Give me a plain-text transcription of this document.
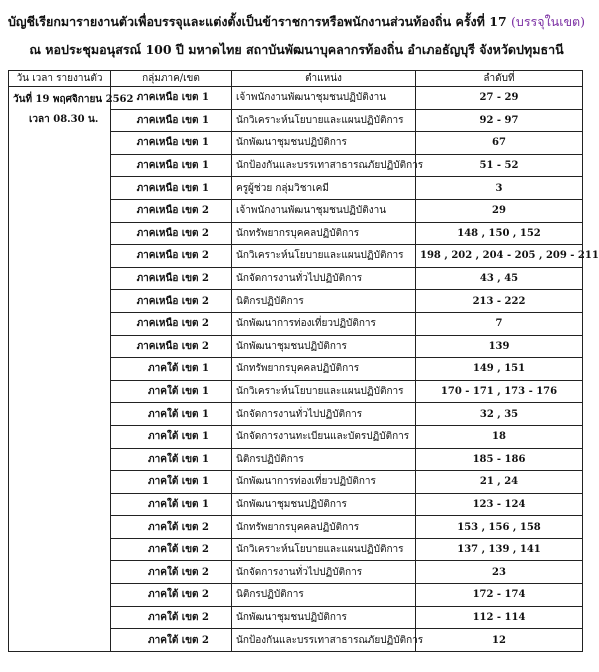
บัญชีเรียกมารายงานตัวเพื่อบรรจุและแต่งตั้งเป็นข้าราชการหรือพนักงานส่วนท้องถิ่น ครั้งที่ 17 (บรรจุในเขต)
ณ หอประชุมอนุสรณ์ 100 ปี มหาดไทย สถาบันพัฒนาบุคลากรท้องถิ่น อำเภอธัญบุรี จังหวัดปทุมธานี
วัน เวลา รายงานตัว	กลุ่มภาค/เขต	ตำแหน่ง	ลำดับที่

วันที่ 19 พฤศจิกายน 2562
เวลา 08.30 น.	ภาคเหนือ เขต 1	เจ้าพนักงานพัฒนาชุมชนปฏิบัติงาน	27 - 29
	ภาคเหนือ เขต 1	นักวิเคราะห์นโยบายและแผนปฏิบัติการ	92 - 97
	ภาคเหนือ เขต 1	นักพัฒนาชุมชนปฏิบัติการ	67
	ภาคเหนือ เขต 1	นักป้องกันและบรรเทาสาธารณภัยปฏิบัติการ	51 - 52
	ภาคเหนือ เขต 1	ครูผู้ช่วย กลุ่มวิชาเคมี	3
	ภาคเหนือ เขต 2	เจ้าพนักงานพัฒนาชุมชนปฏิบัติงาน	29
	ภาคเหนือ เขต 2	นักทรัพยากรบุคคลปฏิบัติการ	148 , 150 , 152
	ภาคเหนือ เขต 2	นักวิเคราะห์นโยบายและแผนปฏิบัติการ	198 , 202 , 204 - 205 , 209 - 211
	ภาคเหนือ เขต 2	นักจัดการงานทั่วไปปฏิบัติการ	43 , 45
	ภาคเหนือ เขต 2	นิติกรปฏิบัติการ	213 - 222
	ภาคเหนือ เขต 2	นักพัฒนาการท่องเที่ยวปฏิบัติการ	7
	ภาคเหนือ เขต 2	นักพัฒนาชุมชนปฏิบัติการ	139
	ภาคใต้ เขต 1	นักทรัพยากรบุคคลปฏิบัติการ	149 , 151
	ภาคใต้ เขต 1	นักวิเคราะห์นโยบายและแผนปฏิบัติการ	170 - 171 , 173 - 176
	ภาคใต้ เขต 1	นักจัดการงานทั่วไปปฏิบัติการ	32 , 35
	ภาคใต้ เขต 1	นักจัดการงานทะเบียนและบัตรปฏิบัติการ	18
	ภาคใต้ เขต 1	นิติกรปฏิบัติการ	185 - 186
	ภาคใต้ เขต 1	นักพัฒนาการท่องเที่ยวปฏิบัติการ	21 , 24
	ภาคใต้ เขต 1	นักพัฒนาชุมชนปฏิบัติการ	123 - 124
	ภาคใต้ เขต 2	นักทรัพยากรบุคคลปฏิบัติการ	153 , 156 , 158
	ภาคใต้ เขต 2	นักวิเคราะห์นโยบายและแผนปฏิบัติการ	137 , 139 , 141
	ภาคใต้ เขต 2	นักจัดการงานทั่วไปปฏิบัติการ	23
	ภาคใต้ เขต 2	นิติกรปฏิบัติการ	172 - 174
	ภาคใต้ เขต 2	นักพัฒนาชุมชนปฏิบัติการ	112 - 114
	ภาคใต้ เขต 2	นักป้องกันและบรรเทาสาธารณภัยปฏิบัติการ	12
